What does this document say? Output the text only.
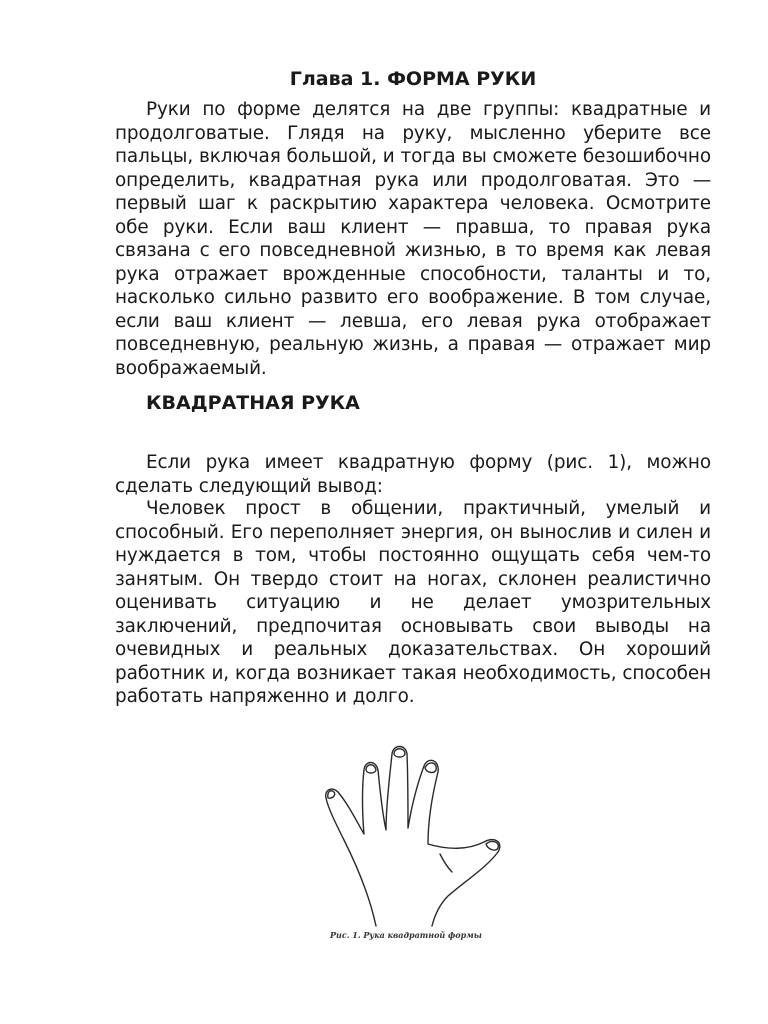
Глава 1. ФОРМА РУКИ

Руки по форме делятся на две группы: квадратные и продолговатые. Глядя на руку, мысленно уберите все пальцы, включая большой, и тогда вы сможете безошибочно определить, квадратная рука или продолговатая. Это — первый шаг к раскрытию характера человека. Осмотрите обе руки. Если ваш клиент — правша, то правая рука связана с его повседневной жизнью, в то время как левая рука отражает врожденные способности, таланты и то, насколько сильно развито его воображение. В том случае, если ваш клиент — левша, его левая рука отображает повседневную, реальную жизнь, а правая — отражает мир воображаемый.

КВАДРАТНАЯ РУКА

Если рука имеет квадратную форму (рис. 1), можно сделать следующий вывод:

Человек прост в общении, практичный, умелый и способный. Его переполняет энергия, он вынослив и силен и нуждается в том, чтобы постоянно ощущать себя чем-то занятым. Он твердо стоит на ногах, склонен реалистично оценивать ситуацию и не делает умозрительных заключений, предпочитая основывать свои выводы на очевидных и реальных доказательствах. Он хороший работник и, когда возникает такая необходимость, способен работать напряженно и долго.

Рис. 1. Рука квадратной формы
